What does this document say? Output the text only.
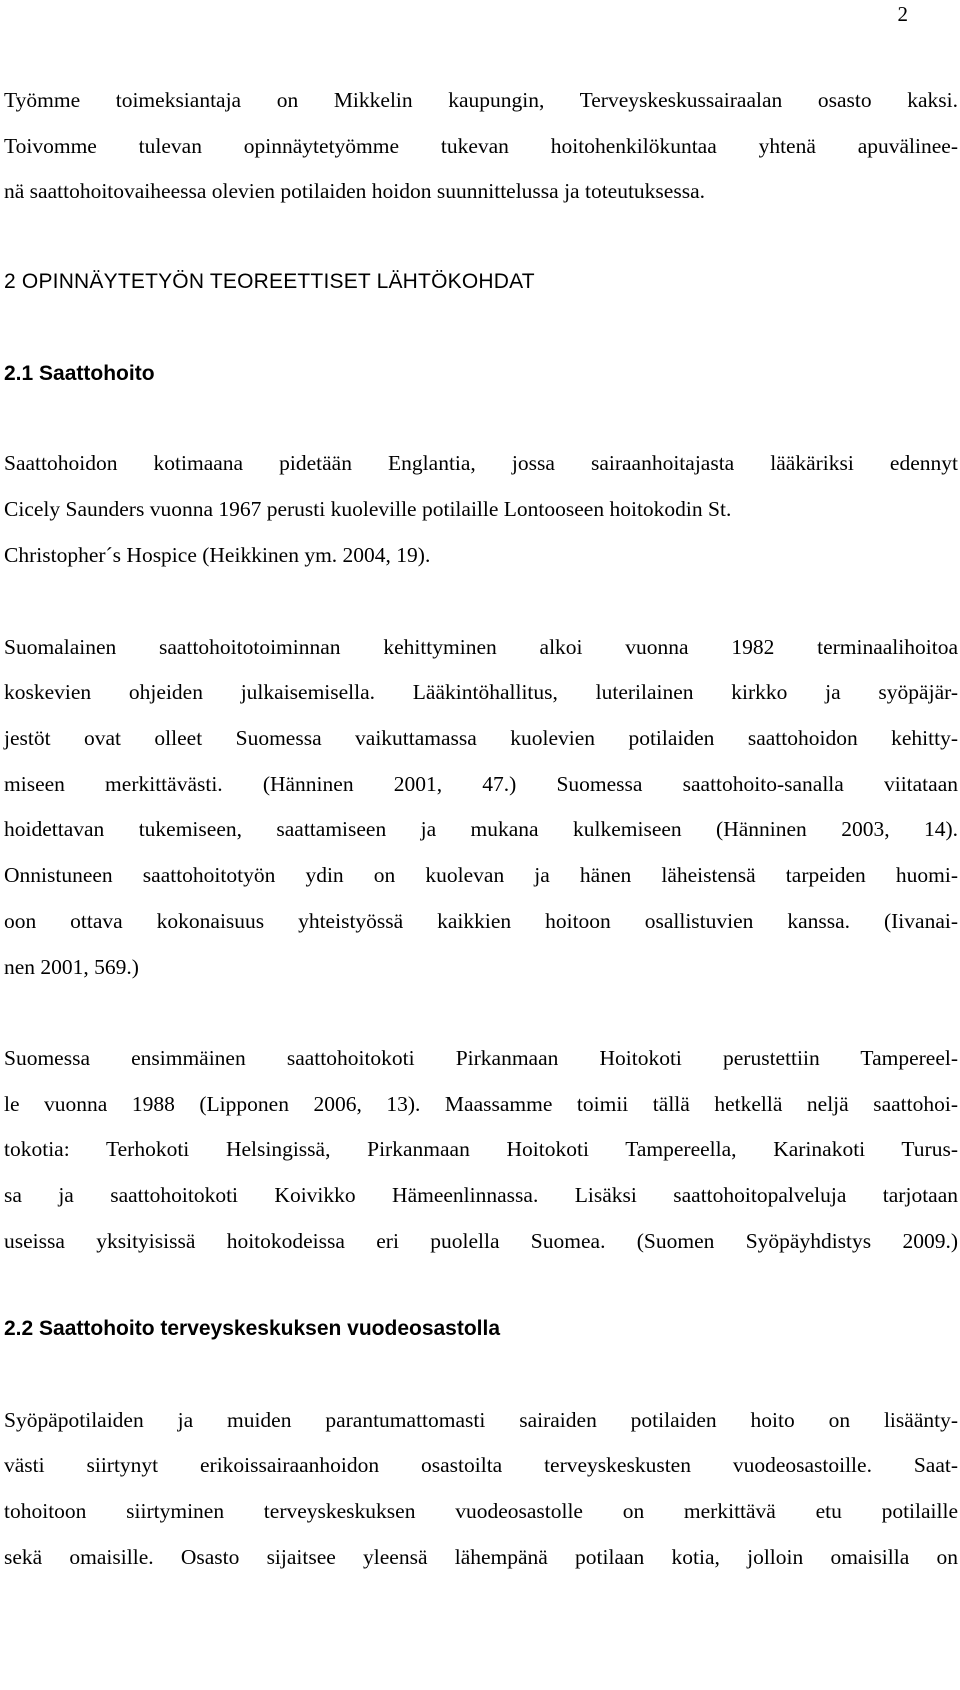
2
Työmme toimeksiantaja on Mikkelin kaupungin, Terveyskeskussairaalan osasto kaksi.
Toivomme tulevan opinnäytetyömme tukevan hoitohenkilökuntaa yhtenä apuvälinee-
nä saattohoitovaiheessa olevien potilaiden hoidon suunnittelussa ja toteutuksessa.
2 OPINNÄYTETYÖN TEOREETTISET LÄHTÖKOHDAT
2.1 Saattohoito
Saattohoidon kotimaana pidetään Englantia, jossa sairaanhoitajasta lääkäriksi edennyt
Cicely Saunders vuonna 1967 perusti kuoleville potilaille Lontooseen hoitokodin St.
Christopher´s Hospice (Heikkinen ym. 2004, 19).
Suomalainen saattohoitotoiminnan kehittyminen alkoi vuonna 1982 terminaalihoitoa
koskevien ohjeiden julkaisemisella. Lääkintöhallitus, luterilainen kirkko ja syöpäjär-
jestöt ovat olleet Suomessa vaikuttamassa kuolevien potilaiden saattohoidon kehitty-
miseen merkittävästi. (Hänninen 2001, 47.) Suomessa saattohoito-sanalla viitataan
hoidettavan tukemiseen, saattamiseen ja mukana kulkemiseen (Hänninen 2003, 14).
Onnistuneen saattohoitotyön ydin on kuolevan ja hänen läheistensä tarpeiden huomi-
oon ottava kokonaisuus yhteistyössä kaikkien hoitoon osallistuvien kanssa. (Iivanai-
nen 2001, 569.)
Suomessa ensimmäinen saattohoitokoti Pirkanmaan Hoitokoti perustettiin Tampereel-
le vuonna 1988 (Lipponen 2006, 13). Maassamme toimii tällä hetkellä neljä saattohoi-
tokotia: Terhokoti Helsingissä, Pirkanmaan Hoitokoti Tampereella, Karinakoti Turus-
sa ja saattohoitokoti Koivikko Hämeenlinnassa. Lisäksi saattohoitopalveluja tarjotaan
useissa yksityisissä hoitokodeissa eri puolella Suomea. (Suomen Syöpäyhdistys 2009.)
2.2 Saattohoito terveyskeskuksen vuodeosastolla
Syöpäpotilaiden ja muiden parantumattomasti sairaiden potilaiden hoito on lisäänty-
västi siirtynyt erikoissairaanhoidon osastoilta terveyskeskusten vuodeosastoille. Saat-
tohoitoon siirtyminen terveyskeskuksen vuodeosastolle on merkittävä etu potilaille
sekä omaisille. Osasto sijaitsee yleensä lähempänä potilaan kotia, jolloin omaisilla on
